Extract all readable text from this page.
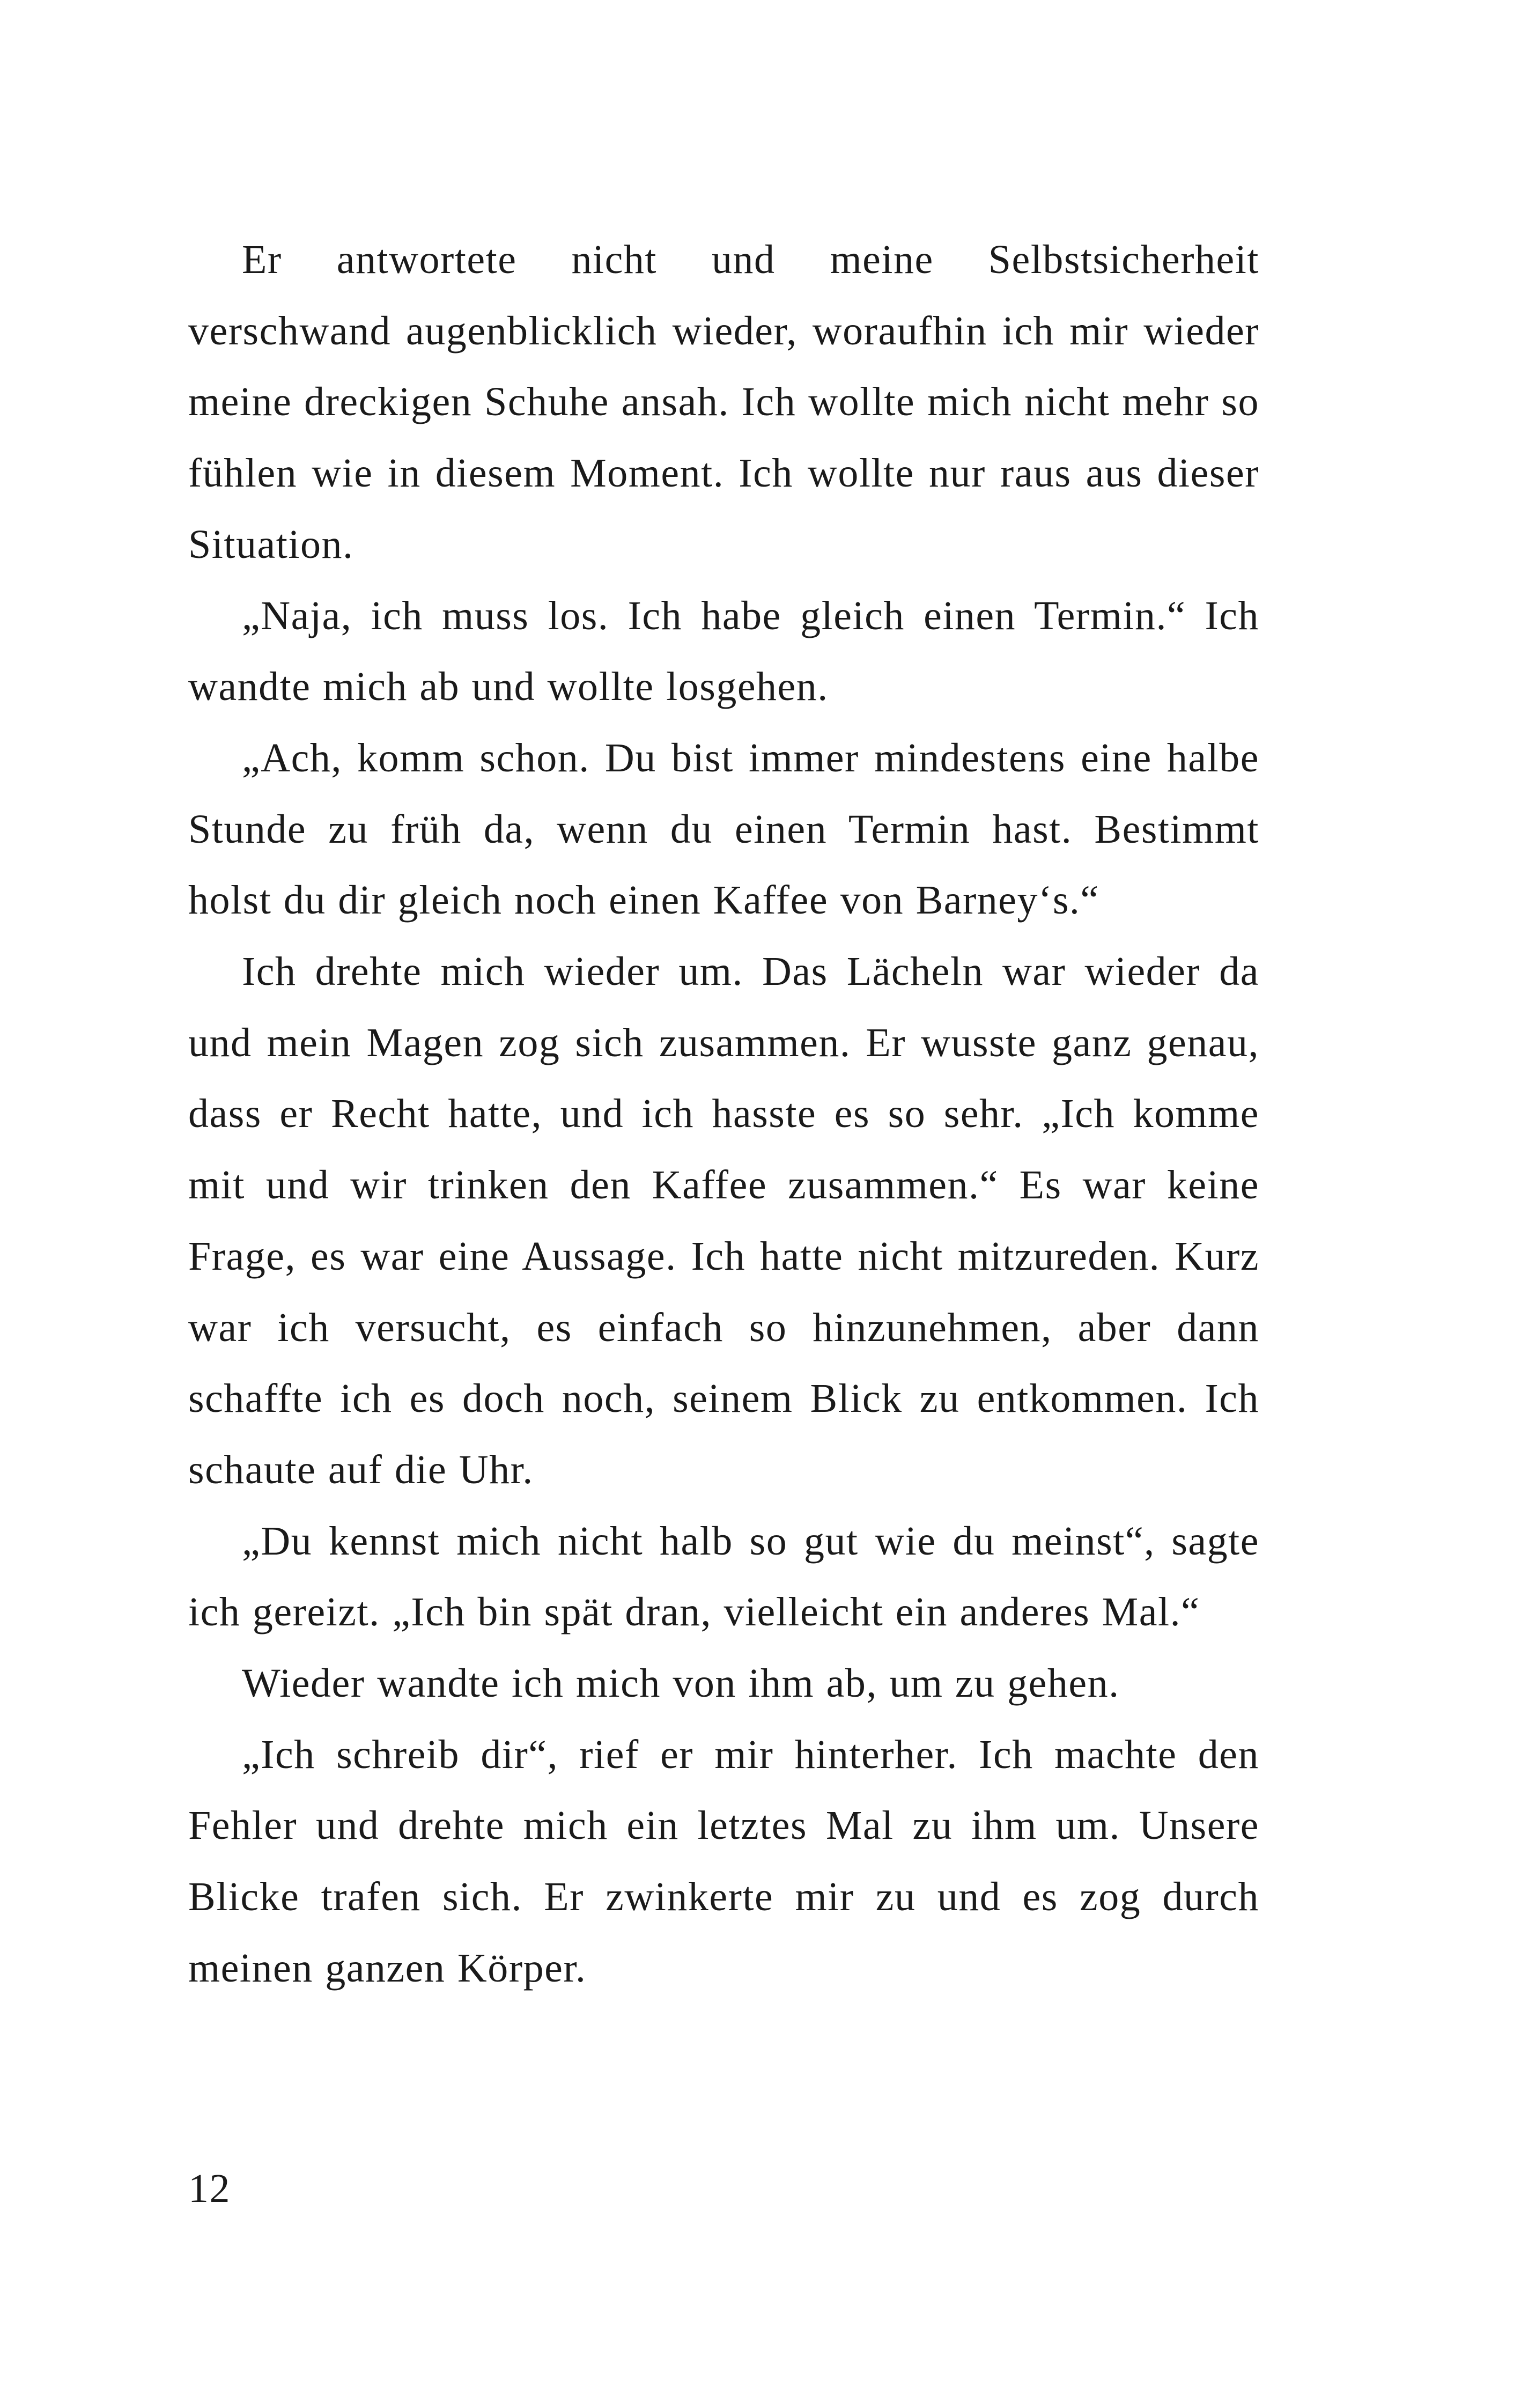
Er antwortete nicht und meine Selbstsicherheit verschwand augenblicklich wieder, woraufhin ich mir wieder meine dreckigen Schuhe ansah. Ich wollte mich nicht mehr so fühlen wie in diesem Moment. Ich wollte nur raus aus dieser Situation.

„Naja, ich muss los. Ich habe gleich einen Termin.“ Ich wandte mich ab und wollte losgehen.

„Ach, komm schon. Du bist immer mindestens eine halbe Stunde zu früh da, wenn du einen Termin hast. Bestimmt holst du dir gleich noch einen Kaffee von Barney‘s.“

Ich drehte mich wieder um. Das Lächeln war wieder da und mein Magen zog sich zusammen. Er wusste ganz genau, dass er Recht hatte, und ich hasste es so sehr. „Ich komme mit und wir trinken den Kaffee zusammen.“ Es war keine Frage, es war eine Aussage. Ich hatte nicht mitzureden. Kurz war ich versucht, es einfach so hinzunehmen, aber dann schaffte ich es doch noch, seinem Blick zu entkommen. Ich schaute auf die Uhr.

„Du kennst mich nicht halb so gut wie du meinst“, sagte ich gereizt. „Ich bin spät dran, vielleicht ein anderes Mal.“

Wieder wandte ich mich von ihm ab, um zu gehen.

„Ich schreib dir“, rief er mir hinterher. Ich machte den Fehler und drehte mich ein letztes Mal zu ihm um. Unsere Blicke trafen sich. Er zwinkerte mir zu und es zog durch meinen ganzen Körper.

12
